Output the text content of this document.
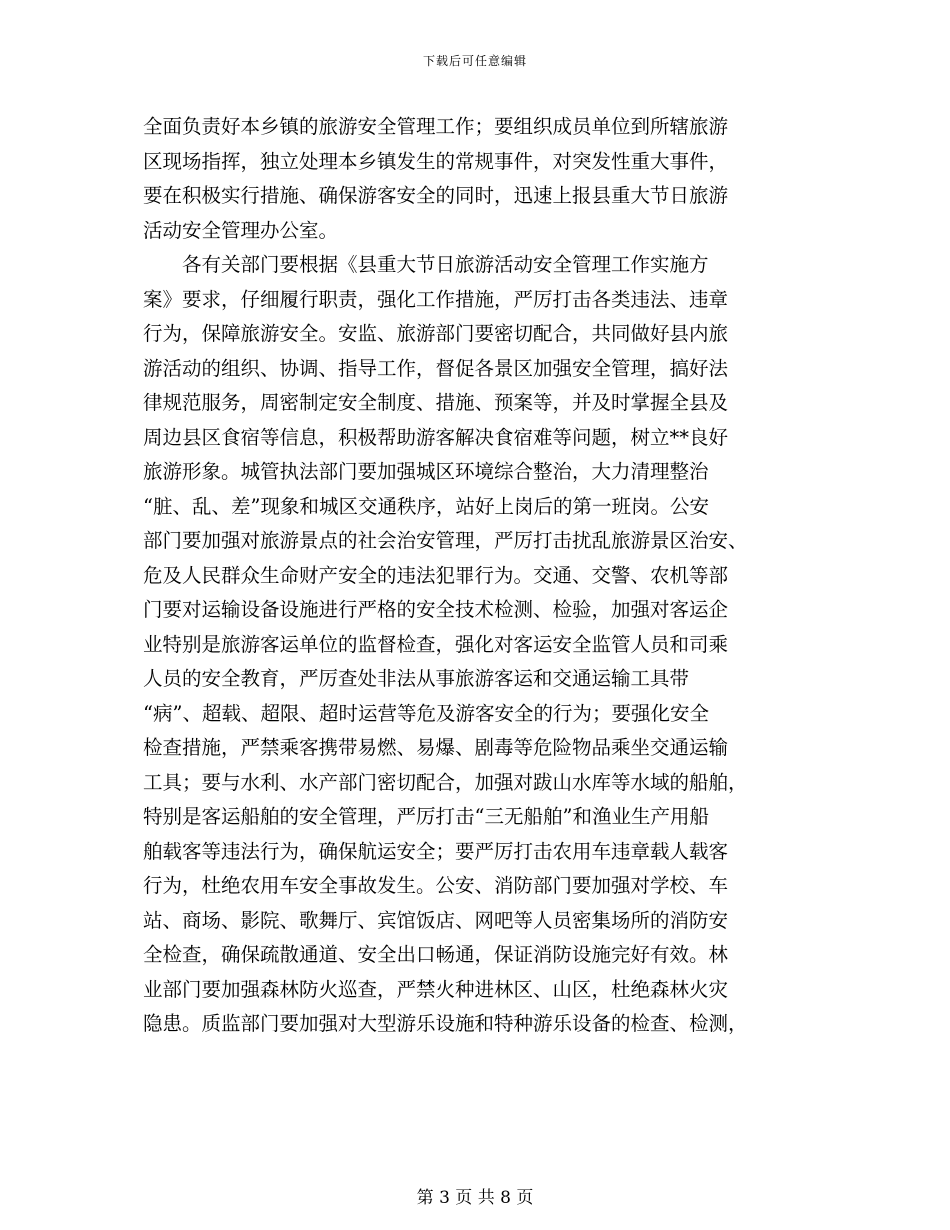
下载后可任意编辑
全面负责好本乡镇的旅游安全管理工作；要组织成员单位到所辖旅游
区现场指挥，独立处理本乡镇发生的常规事件，对突发性重大事件，
要在积极实行措施、确保游客安全的同时，迅速上报县重大节日旅游
活动安全管理办公室。
　　各有关部门要根据《县重大节日旅游活动安全管理工作实施方
案》要求，仔细履行职责，强化工作措施，严厉打击各类违法、违章
行为，保障旅游安全。安监、旅游部门要密切配合，共同做好县内旅
游活动的组织、协调、指导工作，督促各景区加强安全管理，搞好法
律规范服务，周密制定安全制度、措施、预案等，并及时掌握全县及
周边县区食宿等信息，积极帮助游客解决食宿难等问题，树立**良好
旅游形象。城管执法部门要加强城区环境综合整治，大力清理整治
“脏、乱、差”现象和城区交通秩序，站好上岗后的第一班岗。公安
部门要加强对旅游景点的社会治安管理，严厉打击扰乱旅游景区治安、
危及人民群众生命财产安全的违法犯罪行为。交通、交警、农机等部
门要对运输设备设施进行严格的安全技术检测、检验，加强对客运企
业特别是旅游客运单位的监督检查，强化对客运安全监管人员和司乘
人员的安全教育，严厉查处非法从事旅游客运和交通运输工具带
“病”、超载、超限、超时运营等危及游客安全的行为；要强化安全
检查措施，严禁乘客携带易燃、易爆、剧毒等危险物品乘坐交通运输
工具；要与水利、水产部门密切配合，加强对跋山水库等水域的船舶，
特别是客运船舶的安全管理，严厉打击“三无船舶”和渔业生产用船
舶载客等违法行为，确保航运安全；要严厉打击农用车违章载人载客
行为，杜绝农用车安全事故发生。公安、消防部门要加强对学校、车
站、商场、影院、歌舞厅、宾馆饭店、网吧等人员密集场所的消防安
全检查，确保疏散通道、安全出口畅通，保证消防设施完好有效。林
业部门要加强森林防火巡查，严禁火种进林区、山区，杜绝森林火灾
隐患。质监部门要加强对大型游乐设施和特种游乐设备的检查、检测，
第 3 页 共 8 页
